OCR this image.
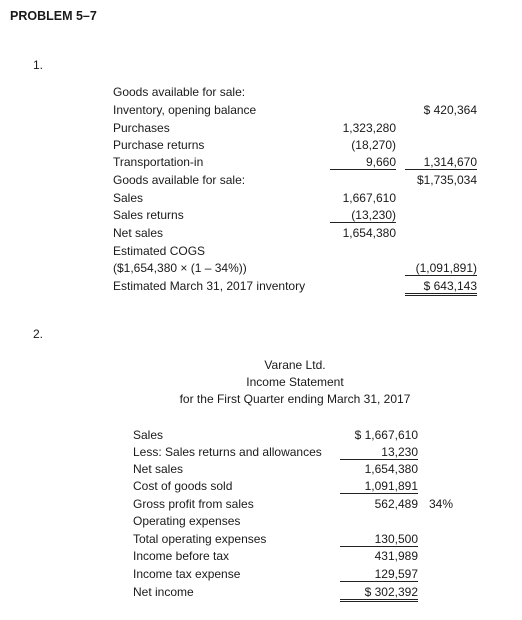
PROBLEM 5–7
1.
Goods available for sale:
Inventory, opening balance	$ 420,364
Purchases	1,323,280
Purchase returns	(18,270)
Transportation-in	9,660	1,314,670
Goods available for sale:	$1,735,034
Sales	1,667,610
Sales returns	(13,230)
Net sales	1,654,380
Estimated COGS
($1,654,380 × (1 – 34%))	(1,091,891)
Estimated March 31, 2017 inventory	$ 643,143
2.
Varane Ltd.
Income Statement
for the First Quarter ending March 31, 2017
Sales	$ 1,667,610
Less: Sales returns and allowances	13,230
Net sales	1,654,380
Cost of goods sold	1,091,891
Gross profit from sales	562,489 34%
Operating expenses
Total operating expenses	130,500
Income before tax	431,989
Income tax expense	129,597
Net income	$ 302,392
